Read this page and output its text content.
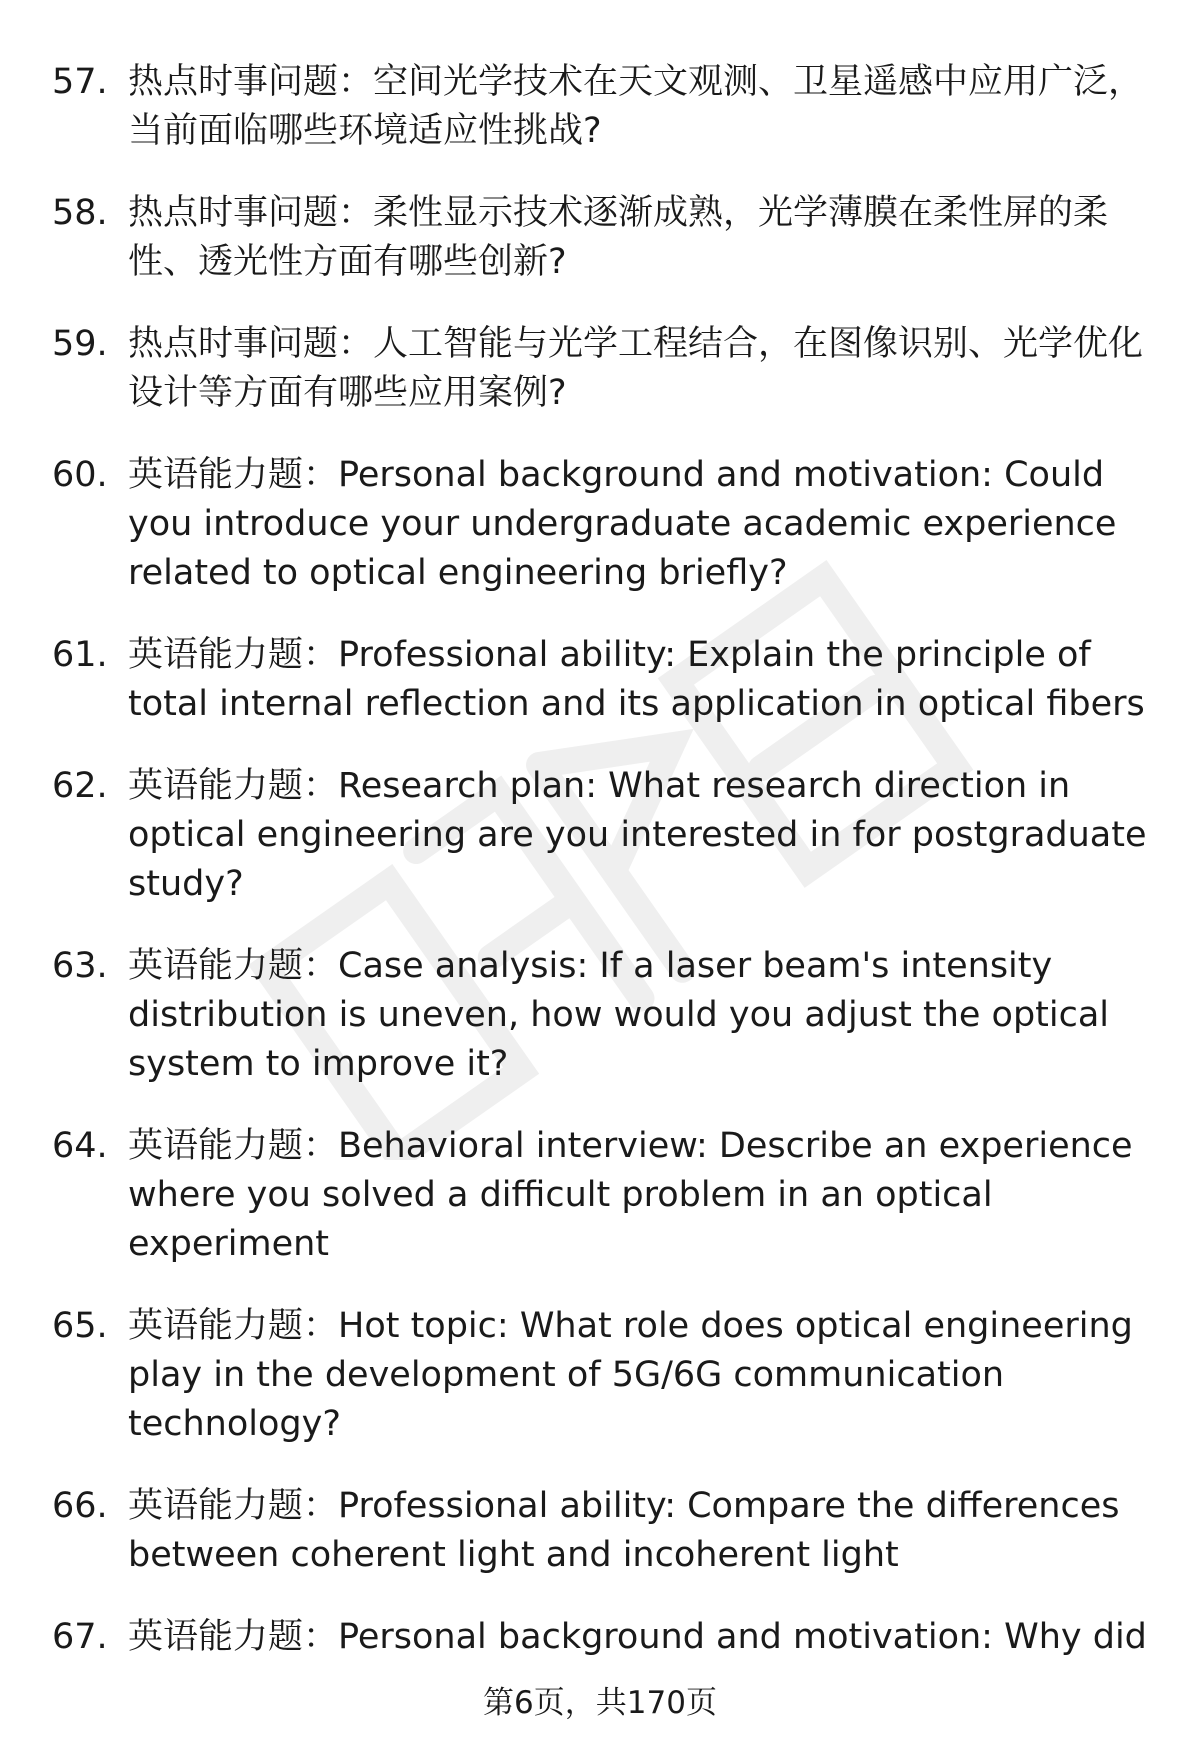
57. 热点时事问题：空间光学技术在天文观测、卫星遥感中应用广泛，当前面临哪些环境适应性挑战?
58. 热点时事问题：柔性显示技术逐渐成熟，光学薄膜在柔性屏的柔性、透光性方面有哪些创新?
59. 热点时事问题：人工智能与光学工程结合，在图像识别、光学优化设计等方面有哪些应用案例?
60. 英语能力题：Personal background and motivation: Could you introduce your undergraduate academic experience related to optical engineering briefly?
61. 英语能力题：Professional ability: Explain the principle of total internal reflection and its application in optical fibers
62. 英语能力题：Research plan: What research direction in optical engineering are you interested in for postgraduate study?
63. 英语能力题：Case analysis: If a laser beam's intensity distribution is uneven, how would you adjust the optical system to improve it?
64. 英语能力题：Behavioral interview: Describe an experience where you solved a difficult problem in an optical experiment
65. 英语能力题：Hot topic: What role does optical engineering play in the development of 5G/6G communication technology?
66. 英语能力题：Professional ability: Compare the differences between coherent light and incoherent light
67. 英语能力题：Personal background and motivation: Why did
第6页，共170页
